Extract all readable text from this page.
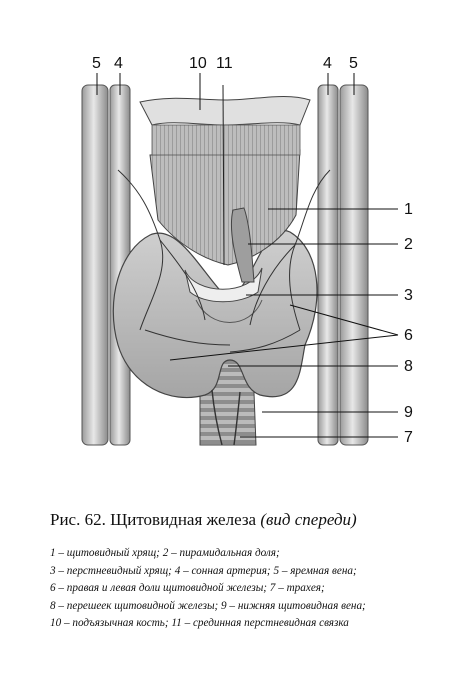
5 4	10 11	4 5
1
2
3
6
8
9
7
Рис. 62. Щитовидная железа (вид спереди)
1 – щитовидный хрящ; 2 – пирамидальная доля;
3 – перстневидный хрящ; 4 – сонная артерия; 5 – яремная вена;
6 – правая и левая доли щитовидной железы; 7 – трахея;
8 – перешеек щитовидной железы; 9 – нижняя щитовидная вена;
10 – подъязычная кость; 11 – срединная перстневидная связка
